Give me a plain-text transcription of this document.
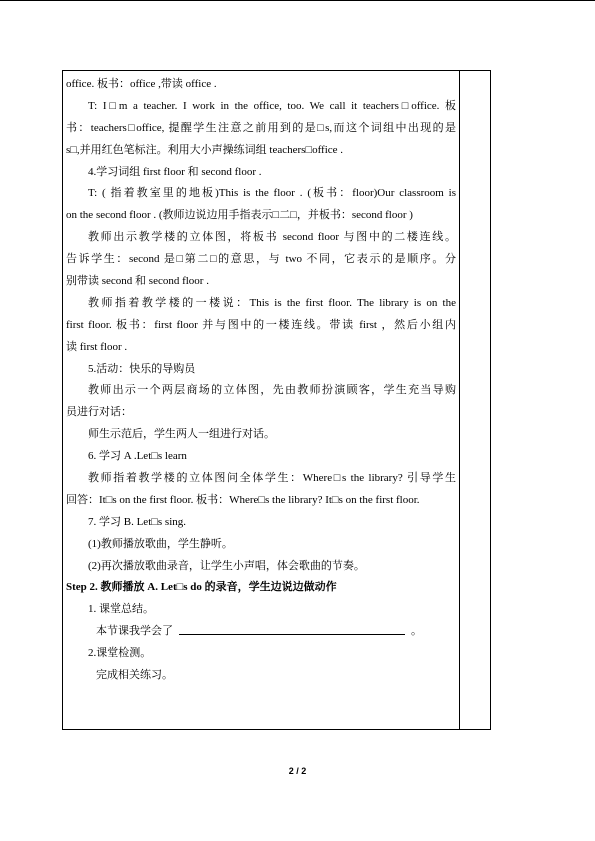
office. 板书：office ,带读 office .
T: I□m a teacher. I work in the office, too. We call it teachers□office. 板
书：teachers□office, 提醒学生注意之前用到的是□s,而这个词组中出现的是
s□,并用红色笔标注。利用大小声操练词组 teachers□office .
4.学习词组 first floor 和 second floor .
T: ( 指着教室里的地板)This is the floor . (板书：floor)Our classroom is
on the second floor . (教师边说边用手指表示□二□，并板书：second floor )
教师出示教学楼的立体图，将板书 second floor 与图中的二楼连线。
告诉学生：second 是□第二□的意思，与 two 不同，它表示的是顺序。分
别带读 second 和 second floor .
教师指着教学楼的一楼说：This is the first floor. The library is on the
first floor. 板书：first floor 并与图中的一楼连线。带读 first ，然后小组内
读 first floor .
5.活动：快乐的导购员
教师出示一个两层商场的立体图，先由教师扮演顾客，学生充当导购
员进行对话：
师生示范后，学生两人一组进行对话。
6. 学习 A .Let□s learn
教师指着教学楼的立体图问全体学生：Where□s the library? 引导学生
回答：It□s on the first floor. 板书：Where□s the library? It□s on the first floor.
7. 学习 B. Let□s sing.
(1)教师播放歌曲，学生静听。
(2)再次播放歌曲录音，让学生小声唱，体会歌曲的节奏。
Step 2. 教师播放 A. Let□s do 的录音，学生边说边做动作
1. 课堂总结。
本节课我学会了	。
2.课堂检测。
完成相关练习。
2 / 2
